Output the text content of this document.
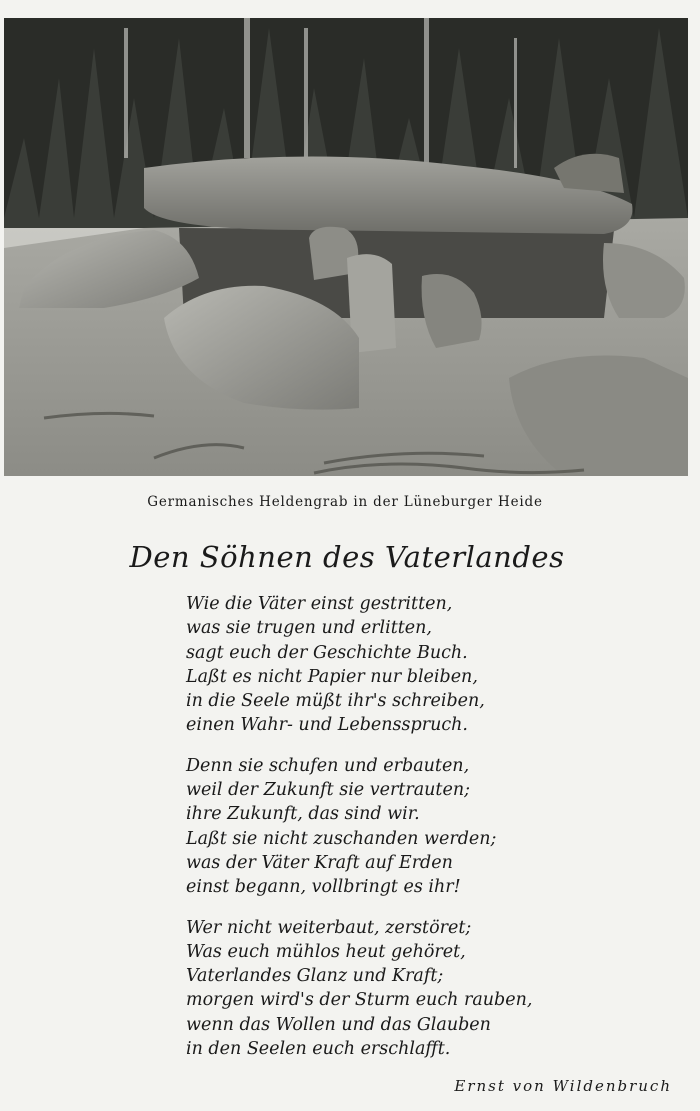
Germanisches Heldengrab in der Lüneburger Heide
Den Söhnen des Vaterlandes
Wie die Väter einst gestritten,
was sie trugen und erlitten,
sagt euch der Geschichte Buch.
Laßt es nicht Papier nur bleiben,
in die Seele müßt ihr's schreiben,
einen Wahr- und Lebensspruch.
Denn sie schufen und erbauten,
weil der Zukunft sie vertrauten;
ihre Zukunft, das sind wir.
Laßt sie nicht zuschanden werden;
was der Väter Kraft auf Erden
einst begann, vollbringt es ihr!
Wer nicht weiterbaut, zerstöret;
Was euch mühlos heut gehöret,
Vaterlandes Glanz und Kraft;
morgen wird's der Sturm euch rauben,
wenn das Wollen und das Glauben
in den Seelen euch erschlafft.
Ernst von Wildenbruch
